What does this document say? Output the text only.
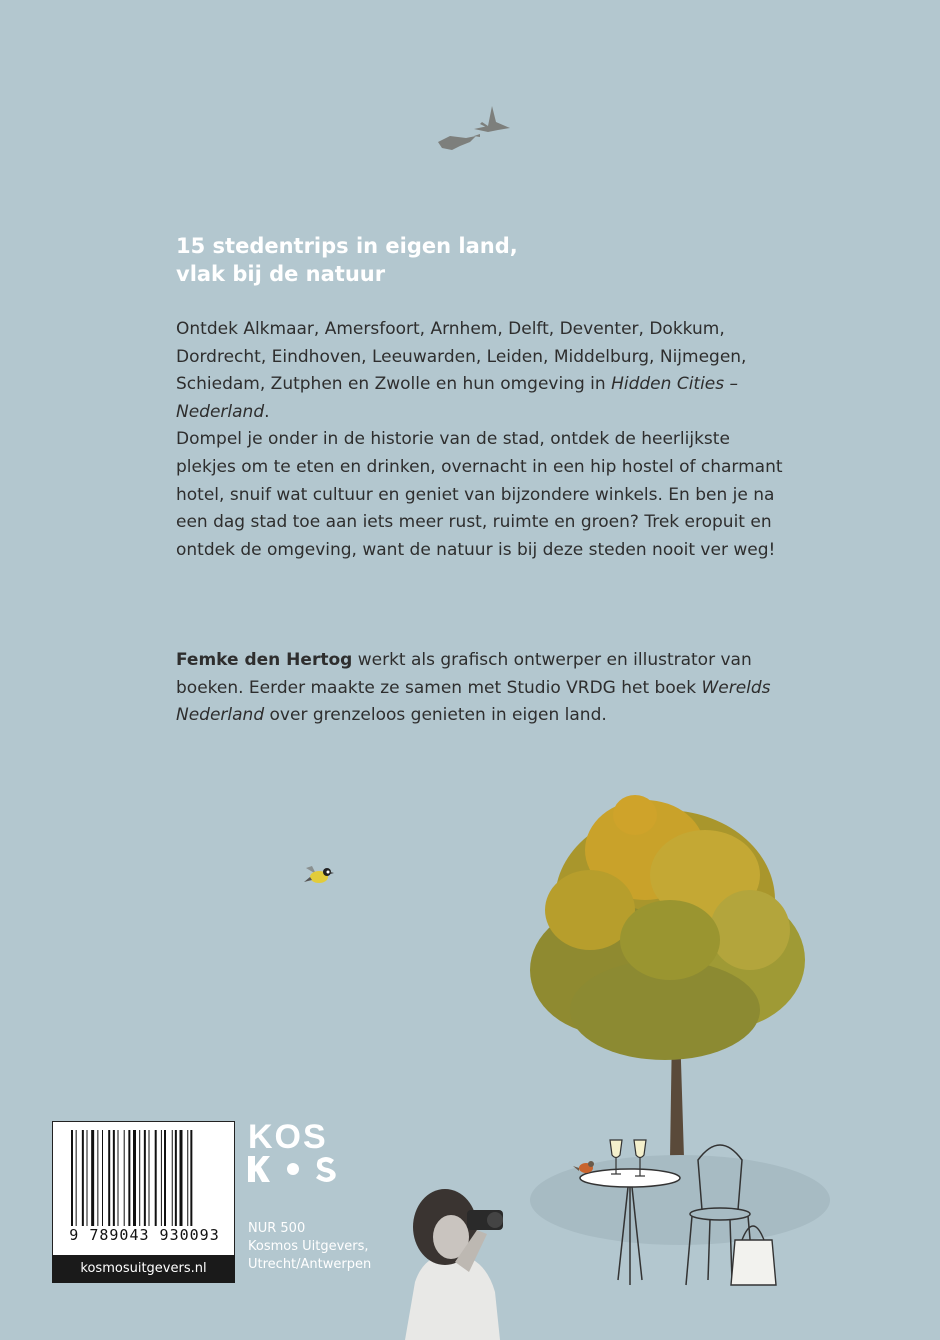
15 stedentrips in eigen land,
vlak bij de natuur

Ontdek Alkmaar, Amersfoort, Arnhem, Delft, Deventer, Dokkum, Dordrecht, Eindhoven, Leeuwarden, Leiden, Middelburg, Nijmegen, Schiedam, Zutphen en Zwolle en hun omgeving in Hidden Cities – Nederland.

Dompel je onder in de historie van de stad, ontdek de heerlijkste plekjes om te eten en drinken, overnacht in een hip hostel of charmant hotel, snuif wat cultuur en geniet van bijzondere winkels. En ben je na een dag stad toe aan iets meer rust, ruimte en groen? Trek eropuit en ontdek de omgeving, want de natuur is bij deze steden nooit ver weg!

Femke den Hertog werkt als grafisch ontwerper en illustrator van boeken. Eerder maakte ze samen met Studio VRDG het boek Werelds Nederland over grenzeloos genieten in eigen land.

9 789043 930093
kosmosuitgevers.nl
KOS
NUR 500
Kosmos Uitgevers,
Utrecht/Antwerpen
